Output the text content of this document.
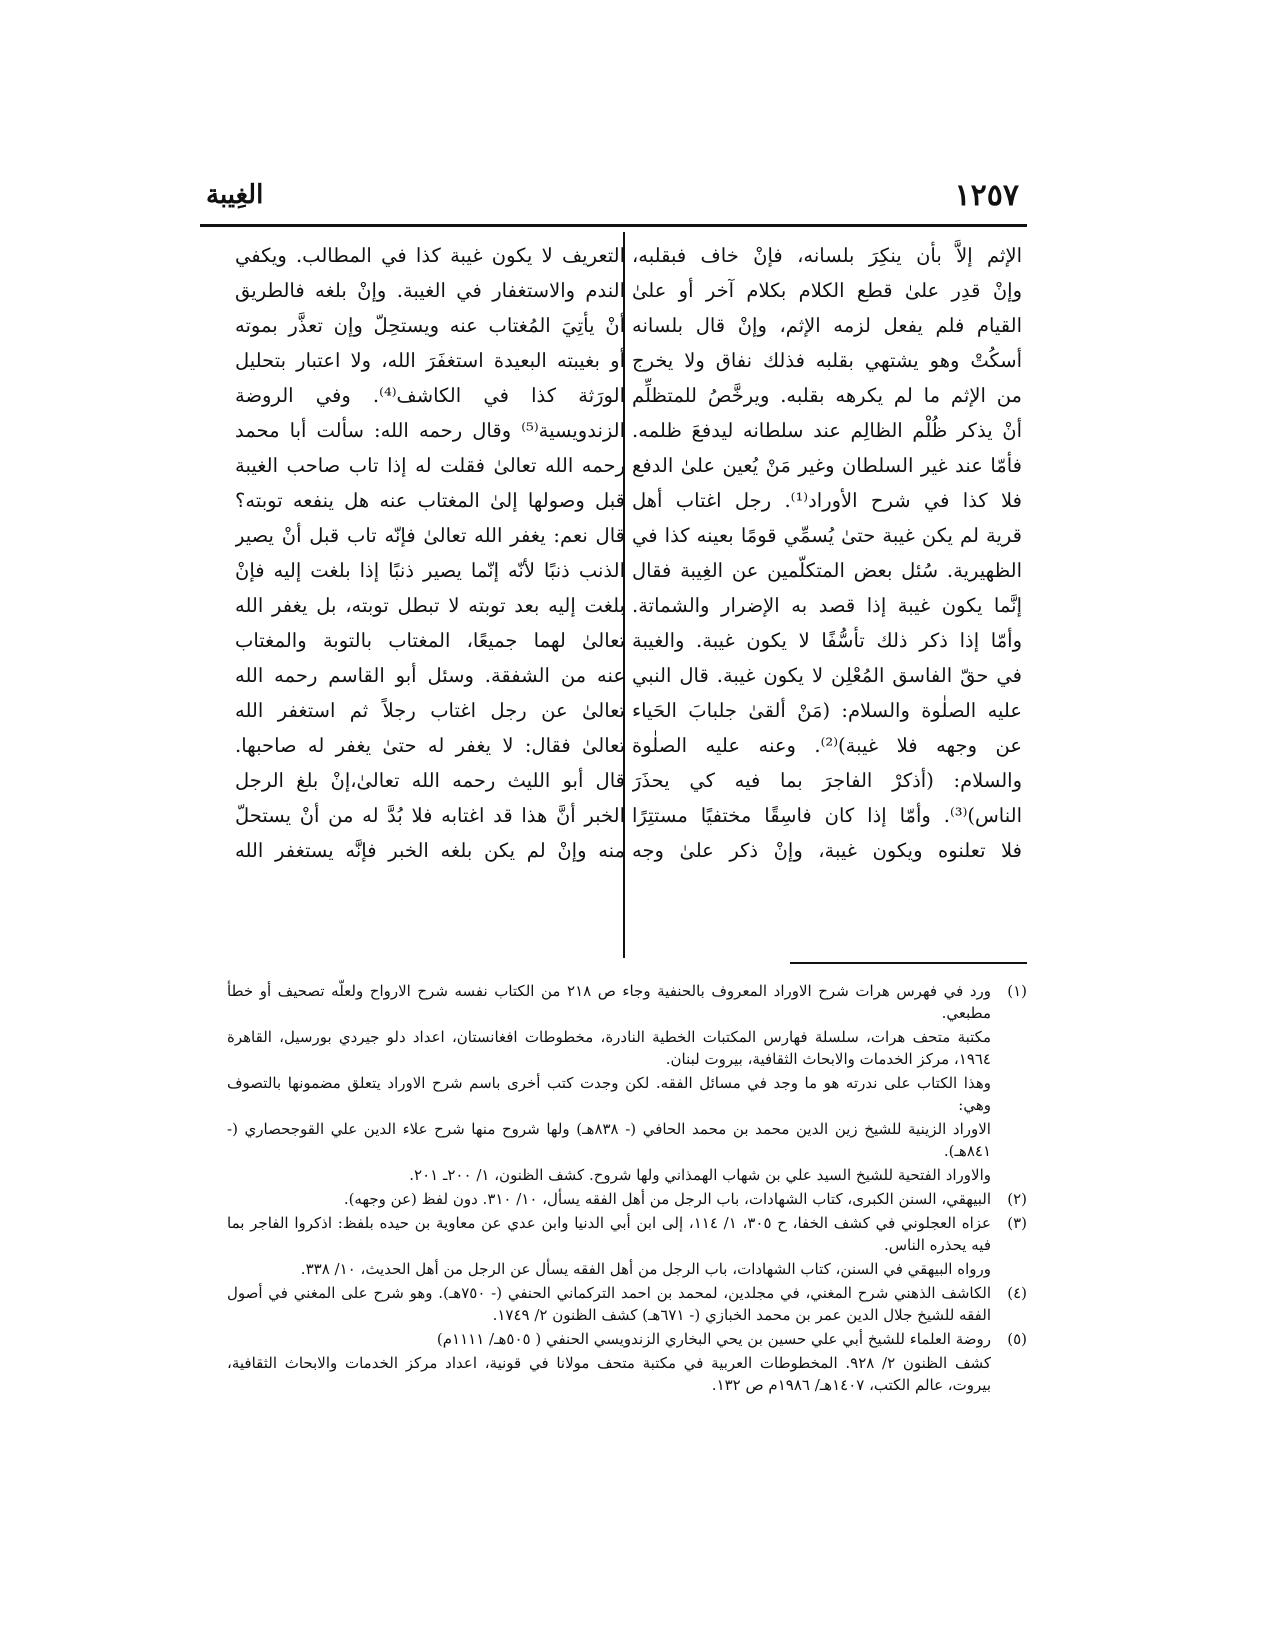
١٢٥٧
الغِيبة
الإثم إلاَّ بأن ينكِرَ بلسانه، فإنْ خاف فبقلبه،
وإنْ قدِر علىٰ قطع الكلام بكلام آخر أو علىٰ
القيام فلم يفعل لزمه الإثم، وإنْ قال بلسانه
أسكُتْ وهو يشتهي بقلبه فذلك نفاق ولا يخرج
من الإثم ما لم يكرهه بقلبه. ويرخَّصُ للمتظلِّم
أنْ يذكر ظُلْم الظالِم عند سلطانه ليدفعَ ظلمه.
فأمّا عند غير السلطان وغير مَنْ يُعين علىٰ الدفع
فلا كذا في شرح الأوراد⁽¹⁾. رجل اغتاب أهل
قرية لم يكن غيبة حتىٰ يُسمِّي قومًا بعينه كذا في
الظهيرية. سُئل بعض المتكلّمين عن الغِيبة فقال
إنَّما يكون غيبة إذا قصد به الإضرار والشماتة.
وأمّا إذا ذكر ذلك تأسُّفًا لا يكون غيبة. والغيبة
في حقّ الفاسق المُعْلِن لا يكون غيبة. قال النبي
عليه الصلٰوة والسلام: (مَنْ ألقىٰ جلبابَ الحَياء
عن وجهه فلا غيبة)⁽²⁾. وعنه عليه الصلٰوة
والسلام: (أذكرْ الفاجرَ بما فيه كي يحذَرَ
الناس)⁽³⁾. وأمّا إذا كان فاسِقًا مختفيًا مستتِرًا
فلا تعلنوه ويكون غيبة، وإنْ ذكر علىٰ وجه
التعريف لا يكون غيبة كذا في المطالب. ويكفي
الندم والاستغفار في الغيبة. وإنْ بلغه فالطريق
أنْ يأتِيَ المُغتاب عنه ويستحِلّ وإن تعذَّر بموته
أو بغيبته البعيدة استغفَرَ الله، ولا اعتبار بتحليل
الورَثة كذا في الكاشف⁽⁴⁾. وفي الروضة
الزندويسية⁽⁵⁾ وقال رحمه الله: سألت أبا محمد
رحمه الله تعالىٰ فقلت له إذا تاب صاحب الغيبة
قبل وصولها إلىٰ المغتاب عنه هل ينفعه توبته؟
قال نعم: يغفر الله تعالىٰ فإنّه تاب قبل أنْ يصير
الذنب ذنبًا لأنّه إنّما يصير ذنبًا إذا بلغت إليه فإنْ
بلغت إليه بعد توبته لا تبطل توبته، بل يغفر الله
تعالىٰ لهما جميعًا، المغتاب بالتوبة والمغتاب
عنه من الشفقة. وسئل أبو القاسم رحمه الله
تعالىٰ عن رجل اغتاب رجلاً ثم استغفر الله
تعالىٰ فقال: لا يغفر له حتىٰ يغفر له صاحبها.
قال أبو الليث رحمه الله تعالىٰ،إنْ بلغ الرجل
الخبر أنَّ هذا قد اغتابه فلا بُدَّ له من أنْ يستحلّ
منه وإنْ لم يكن بلغه الخبر فإنَّه يستغفر الله
(١)
ورد في فهرس هرات شرح الاوراد المعروف بالحنفية وجاء ص ٢١٨ من الكتاب نفسه شرح الارواح ولعلّه تصحيف أو خطأ مطبعي.
مكتبة متحف هرات، سلسلة فهارس المكتبات الخطية النادرة، مخطوطات افغانستان، اعداد دلو جيردي بورسيل، القاهرة ١٩٦٤، مركز الخدمات والابحاث الثقافية، بيروت لبنان.
وهذا الكتاب على ندرته هو ما وجد في مسائل الفقه. لكن وجدت كتب أخرى باسم شرح الاوراد يتعلق مضمونها بالتصوف وهي:
الاوراد الزينية للشيخ زين الدين محمد بن محمد الحافي (- ٨٣٨هـ) ولها شروح منها شرح علاء الدين علي القوجحصاري (- ٨٤١هـ).
والاوراد الفتحية للشيخ السيد علي بن شهاب الهمذاني ولها شروح. كشف الظنون، ١/ ٢٠٠ـ ٢٠١.
(٢)
البيهقي، السنن الكبرى، كتاب الشهادات، باب الرجل من أهل الفقه يسأل، ١٠/ ٣١٠. دون لفظ (عن وجهه).
(٣)
عزاه العجلوني في كشف الخفا، ح ٣٠٥، ١/ ١١٤، إلى ابن أبي الدنيا وابن عدي عن معاوية بن حيده بلفظ: اذكروا الفاجر بما فيه يحذره الناس.
ورواه البيهقي في السنن، كتاب الشهادات، باب الرجل من أهل الفقه يسأل عن الرجل من أهل الحديث، ١٠/ ٣٣٨.
(٤)
الكاشف الذهني شرح المغني، في مجلدين، لمحمد بن احمد التركماني الحنفي (- ٧٥٠هـ). وهو شرح على المغني في أصول الفقه للشيخ جلال الدين عمر بن محمد الخبازي (- ٦٧١هـ) كشف الظنون ٢/ ١٧٤٩.
(٥)
روضة العلماء للشيخ أبي علي حسين بن يحي البخاري الزندويسي الحنفي ( ٥٠٥هـ/ ١١١١م)
كشف الظنون ٢/ ٩٢٨. المخطوطات العربية في مكتبة متحف مولانا في قونية، اعداد مركز الخدمات والابحاث الثقافية، بيروت، عالم الكتب، ١٤٠٧هـ/ ١٩٨٦م ص ١٣٢.
